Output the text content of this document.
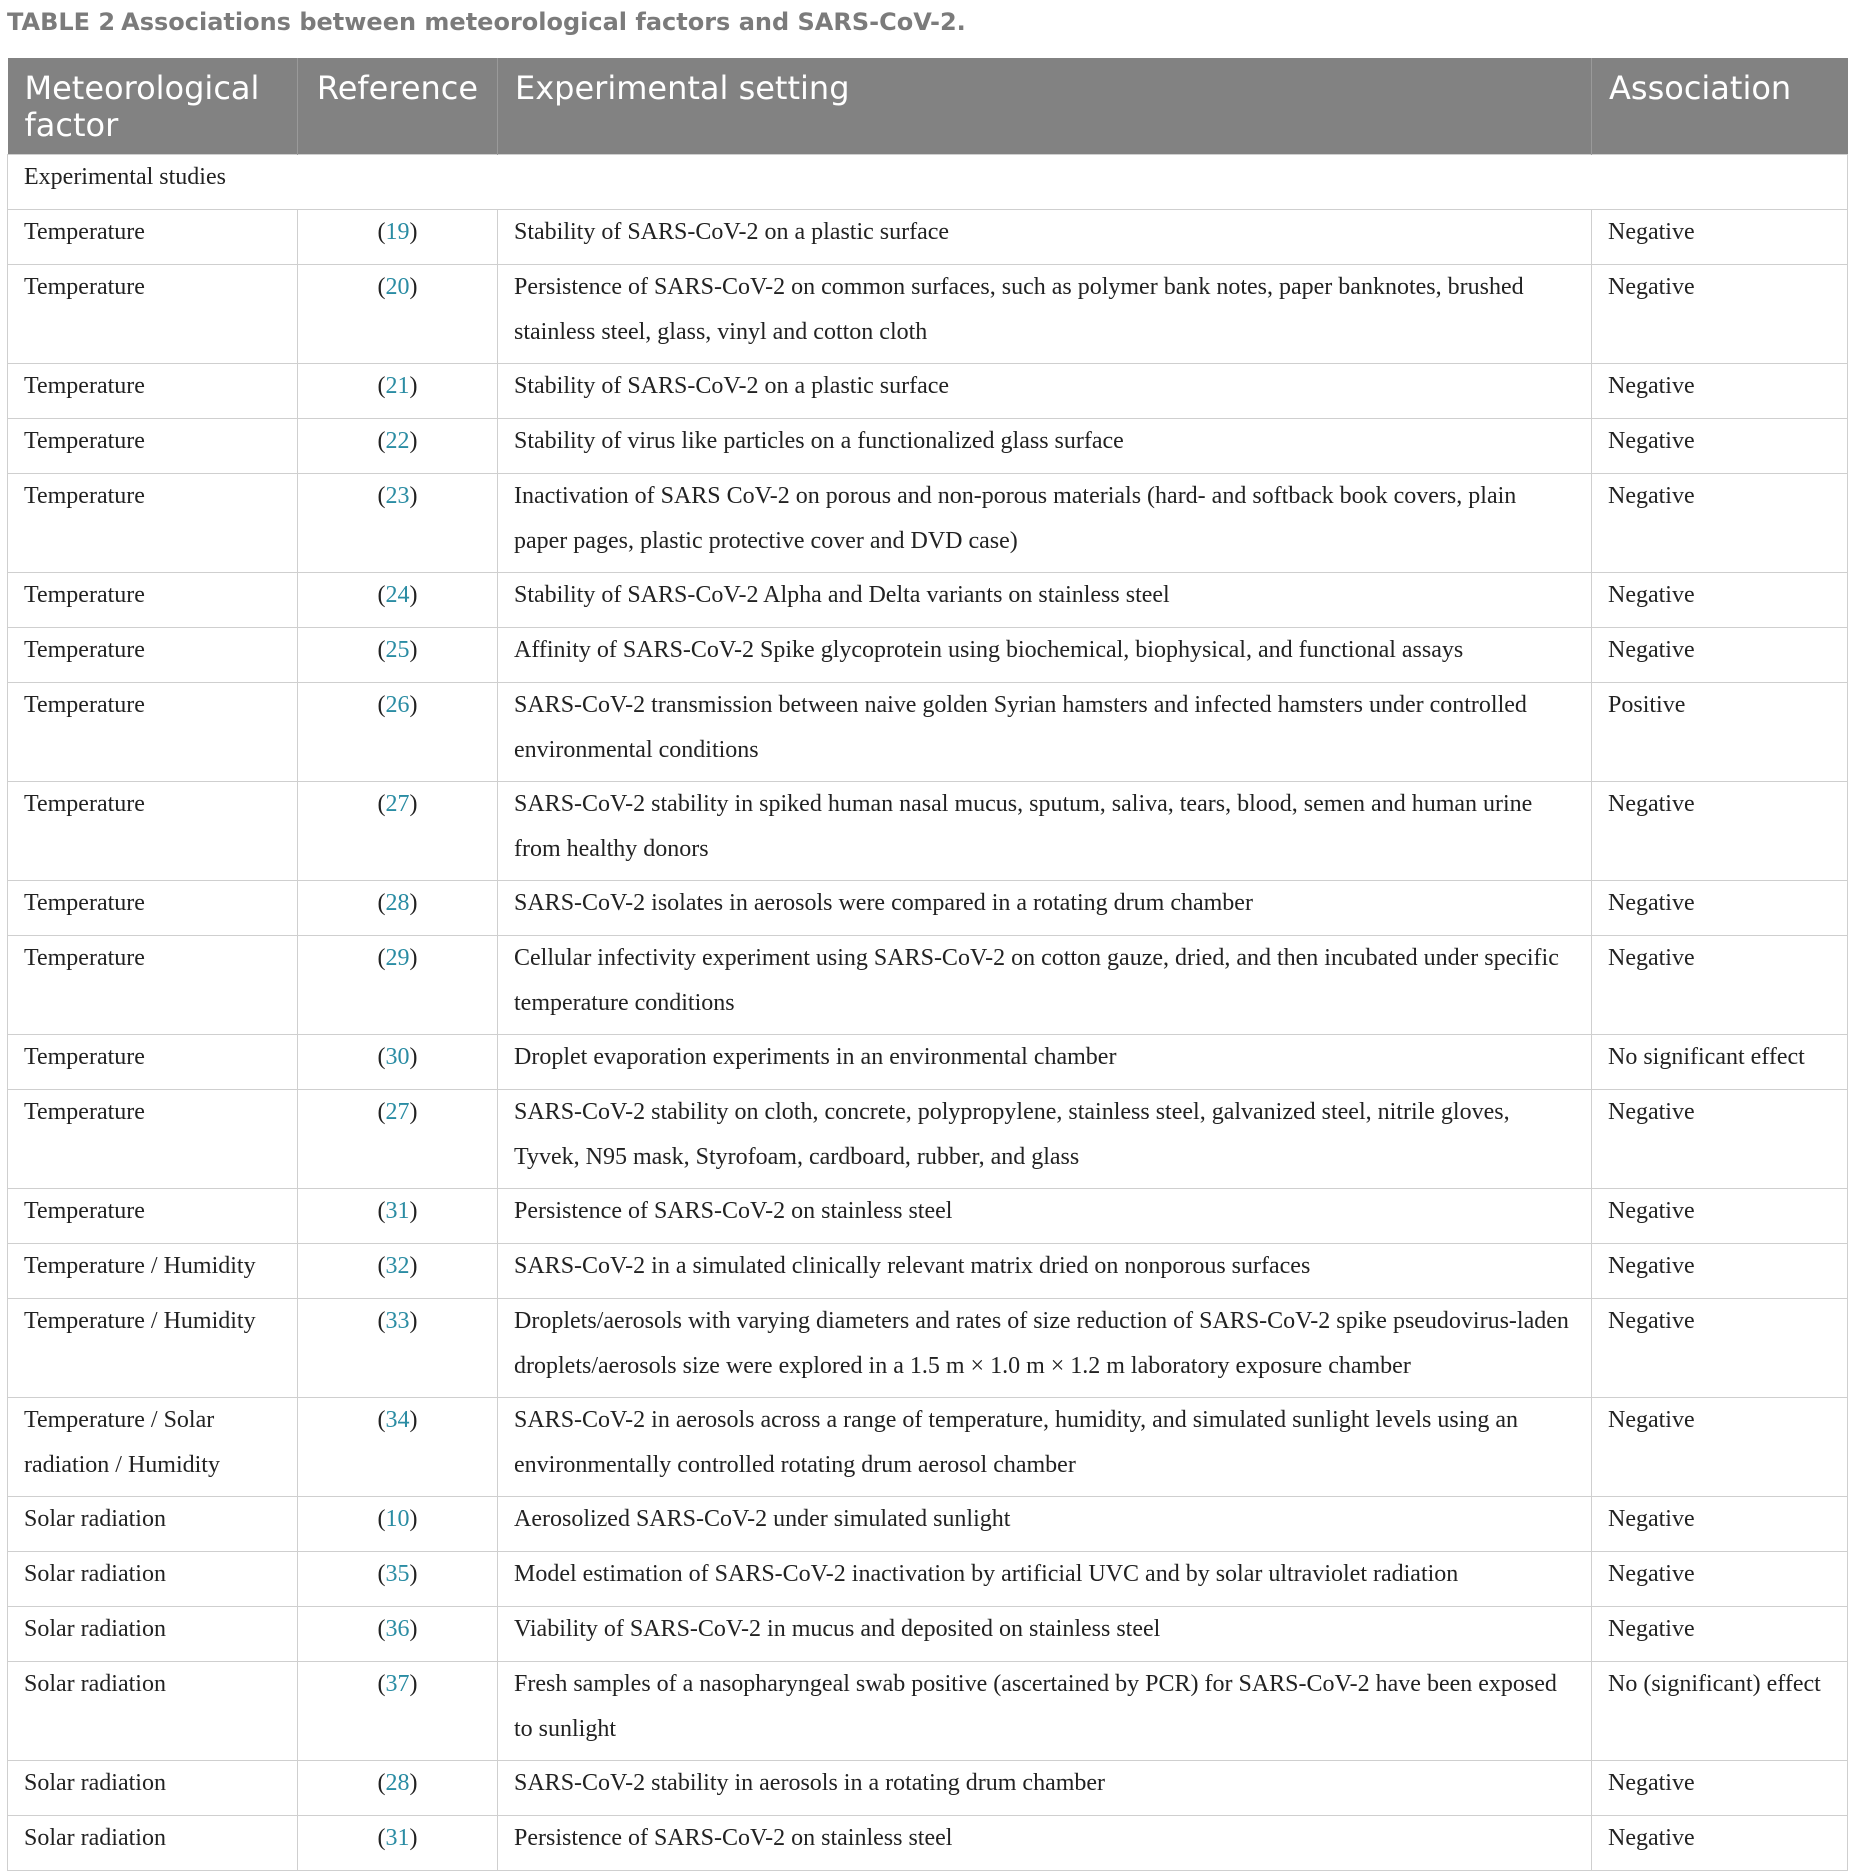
TABLE 2 Associations between meteorological factors and SARS-CoV-2.
Meteorological factor	Reference	Experimental setting	Association
Experimental studies			
Temperature	(19)	Stability of SARS-CoV-2 on a plastic surface	Negative
Temperature	(20)	Persistence of SARS-CoV-2 on common surfaces, such as polymer bank notes, paper banknotes, brushed stainless steel, glass, vinyl and cotton cloth	Negative
Temperature	(21)	Stability of SARS-CoV-2 on a plastic surface	Negative
Temperature	(22)	Stability of virus like particles on a functionalized glass surface	Negative
Temperature	(23)	Inactivation of SARS CoV-2 on porous and non-porous materials (hard- and softback book covers, plain paper pages, plastic protective cover and DVD case)	Negative
Temperature	(24)	Stability of SARS-CoV-2 Alpha and Delta variants on stainless steel	Negative
Temperature	(25)	Affinity of SARS-CoV-2 Spike glycoprotein using biochemical, biophysical, and functional assays	Negative
Temperature	(26)	SARS-CoV-2 transmission between naive golden Syrian hamsters and infected hamsters under controlled environmental conditions	Positive
Temperature	(27)	SARS-CoV-2 stability in spiked human nasal mucus, sputum, saliva, tears, blood, semen and human urine from healthy donors	Negative
Temperature	(28)	SARS-CoV-2 isolates in aerosols were compared in a rotating drum chamber	Negative
Temperature	(29)	Cellular infectivity experiment using SARS-CoV-2 on cotton gauze, dried, and then incubated under specific temperature conditions	Negative
Temperature	(30)	Droplet evaporation experiments in an environmental chamber	No significant effect
Temperature	(27)	SARS-CoV-2 stability on cloth, concrete, polypropylene, stainless steel, galvanized steel, nitrile gloves, Tyvek, N95 mask, Styrofoam, cardboard, rubber, and glass	Negative
Temperature	(31)	Persistence of SARS-CoV-2 on stainless steel	Negative
Temperature / Humidity	(32)	SARS-CoV-2 in a simulated clinically relevant matrix dried on nonporous surfaces	Negative
Temperature / Humidity	(33)	Droplets/aerosols with varying diameters and rates of size reduction of SARS-CoV-2 spike pseudovirus-laden droplets/aerosols size were explored in a 1.5 m × 1.0 m × 1.2 m laboratory exposure chamber	Negative
Temperature / Solar radiation / Humidity	(34)	SARS-CoV-2 in aerosols across a range of temperature, humidity, and simulated sunlight levels using an environmentally controlled rotating drum aerosol chamber	Negative
Solar radiation	(10)	Aerosolized SARS-CoV-2 under simulated sunlight	Negative
Solar radiation	(35)	Model estimation of SARS-CoV-2 inactivation by artificial UVC and by solar ultraviolet radiation	Negative
Solar radiation	(36)	Viability of SARS-CoV-2 in mucus and deposited on stainless steel	Negative
Solar radiation	(37)	Fresh samples of a nasopharyngeal swab positive (ascertained by PCR) for SARS-CoV-2 have been exposed to sunlight	No (significant) effect
Solar radiation	(28)	SARS-CoV-2 stability in aerosols in a rotating drum chamber	Negative
Solar radiation	(31)	Persistence of SARS-CoV-2 on stainless steel	Negative
